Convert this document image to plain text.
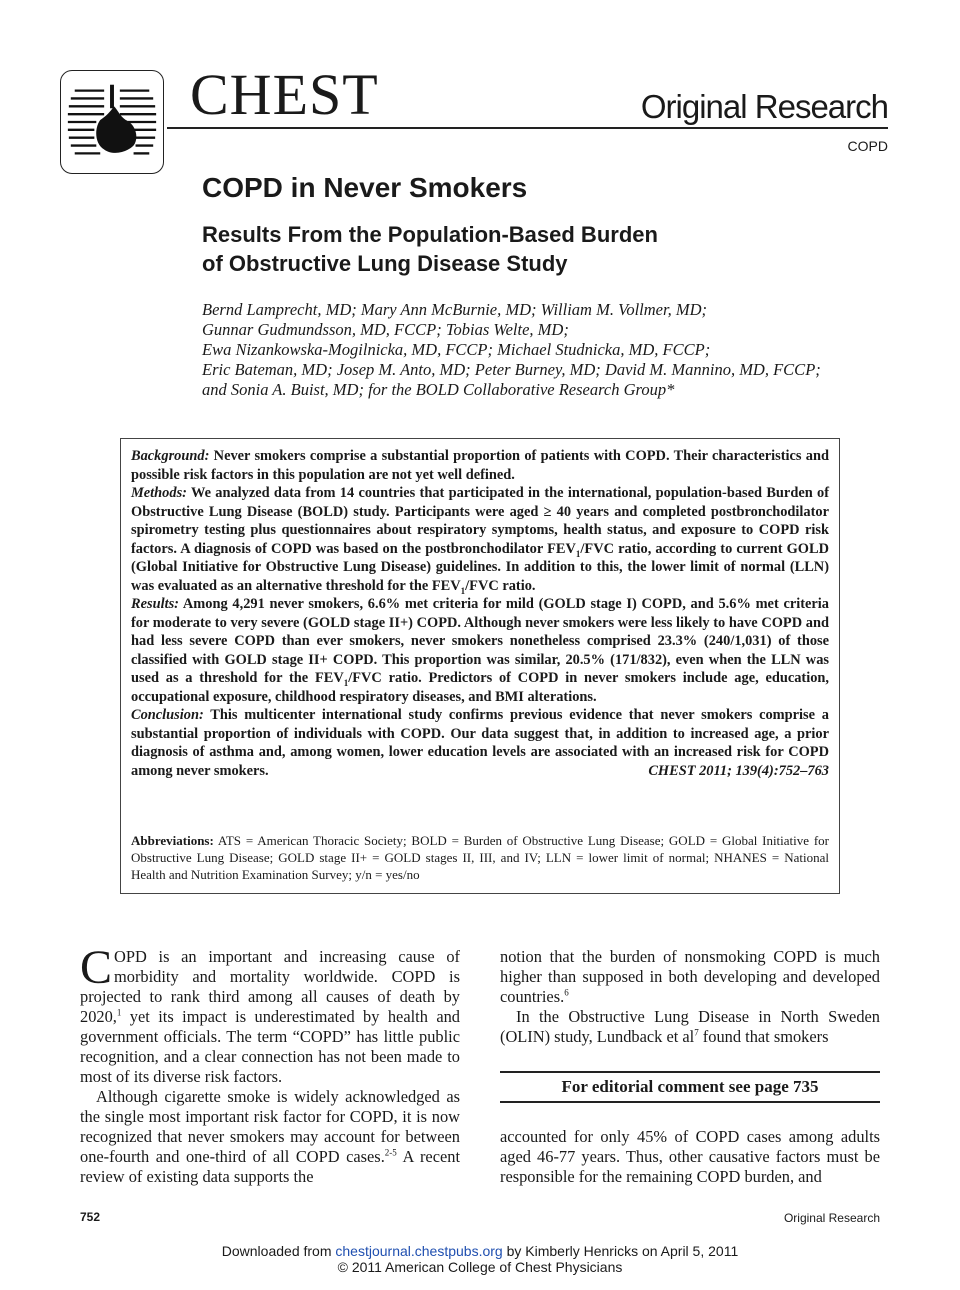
CHEST	Original Research
COPD
COPD in Never Smokers
Results From the Population-Based Burden
of Obstructive Lung Disease Study
Bernd Lamprecht, MD; Mary Ann McBurnie, MD; William M. Vollmer, MD;
Gunnar Gudmundsson, MD, FCCP; Tobias Welte, MD;
Ewa Nizankowska-Mogilnicka, MD, FCCP; Michael Studnicka, MD, FCCP;
Eric Bateman, MD; Josep M. Anto, MD; Peter Burney, MD; David M. Mannino, MD, FCCP;
and Sonia A. Buist, MD; for the BOLD Collaborative Research Group*

Background: Never smokers comprise a substantial proportion of patients with COPD. Their characteristics and possible risk factors in this population are not yet well defined.

Methods: We analyzed data from 14 countries that participated in the international, population-based Burden of Obstructive Lung Disease (BOLD) study. Participants were aged ≥ 40 years and completed postbronchodilator spirometry testing plus questionnaires about respiratory symptoms, health status, and exposure to COPD risk factors. A diagnosis of COPD was based on the postbronchodilator $FEV_1$/FVC ratio, according to current GOLD (Global Initiative for Obstructive Lung Disease) guidelines. In addition to this, the lower limit of normal (LLN) was evaluated as an alternative threshold for the $FEV_1$/FVC ratio.

Results: Among 4,291 never smokers, 6.6% met criteria for mild (GOLD stage I) COPD, and 5.6% met criteria for moderate to very severe (GOLD stage II+) COPD. Although never smokers were less likely to have COPD and had less severe COPD than ever smokers, never smokers nonetheless comprised 23.3% (240/1,031) of those classified with GOLD stage II+ COPD. This proportion was similar, 20.5% (171/832), even when the LLN was used as a threshold for the $FEV_1$/FVC ratio. Predictors of COPD in never smokers include age, education, occupational exposure, childhood respiratory diseases, and BMI alterations.

Conclusion: This multicenter international study confirms previous evidence that never smokers comprise a substantial proportion of individuals with COPD. Our data suggest that, in addition to increased age, a prior diagnosis of asthma and, among women, lower education levels are associated with an increased risk for COPD among never smokers.	CHEST 2011; 139(4):752–763

Abbreviations: ATS = American Thoracic Society; BOLD = Burden of Obstructive Lung Disease; GOLD = Global Initiative for Obstructive Lung Disease; GOLD stage II+ = GOLD stages II, III, and IV; LLN = lower limit of normal; NHANES = National Health and Nutrition Examination Survey; y/n = yes/no

COPD is an important and increasing cause of morbidity and mortality worldwide. COPD is projected to rank third among all causes of death by 2020,$^1$ yet its impact is underestimated by health and government officials. The term “COPD” has little public recognition, and a clear connection has not been made to most of its diverse risk factors.

Although cigarette smoke is widely acknowledged as the single most important risk factor for COPD, it is now recognized that never smokers may account for between one-fourth and one-third of all COPD cases.$^{2-5}$ A recent review of existing data supports the

notion that the burden of nonsmoking COPD is much higher than supposed in both developing and developed countries.$^6$

In the Obstructive Lung Disease in North Sweden (OLIN) study, Lundback et $al^7$ found that smokers

For editorial comment see page 735

accounted for only 45% of COPD cases among adults aged 46-77 years. Thus, other causative factors must be responsible for the remaining COPD burden, and

752	Original Research
Downloaded from chestjournal.chestpubs.org by Kimberly Henricks on April 5, 2011
© 2011 American College of Chest Physicians
